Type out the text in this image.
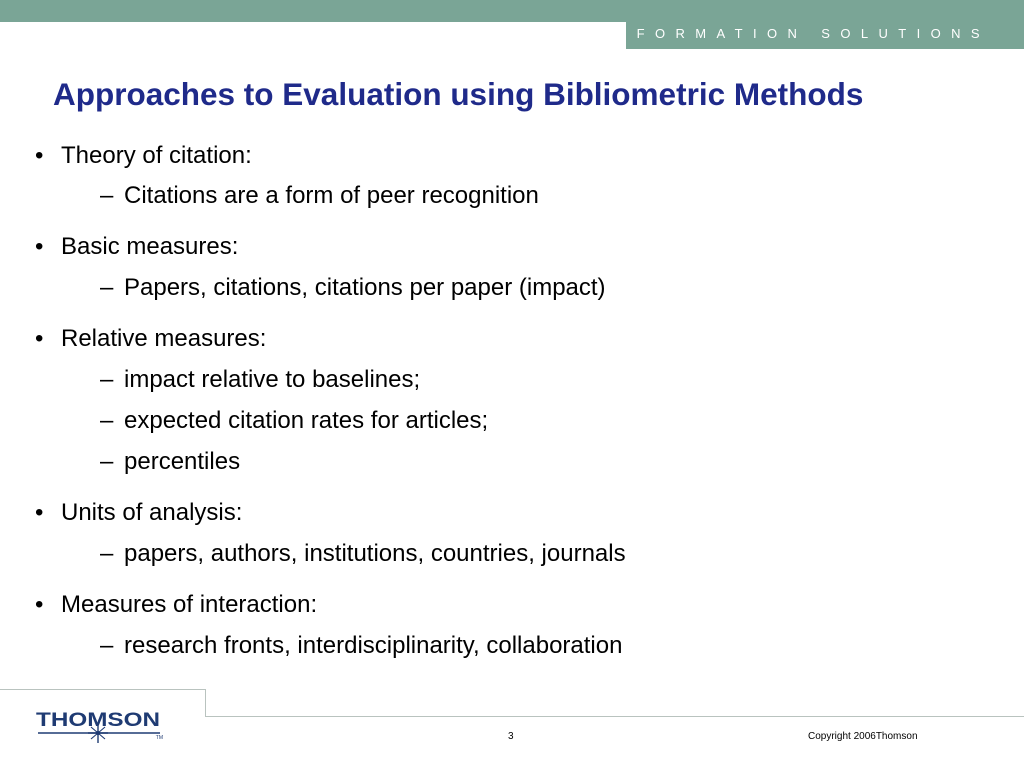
INFORMATION SOLUTIONS
Approaches to Evaluation using Bibliometric Methods
• Theory of citation:
– Citations are a form of peer recognition
• Basic measures:
– Papers, citations, citations per paper (impact)
• Relative measures:
– impact relative to baselines;
– expected citation rates for articles;
– percentiles
• Units of analysis:
– papers, authors, institutions, countries, journals
• Measures of interaction:
– research fronts, interdisciplinarity, collaboration
THOMSON
TM	3	Copyright 2006Thomson
